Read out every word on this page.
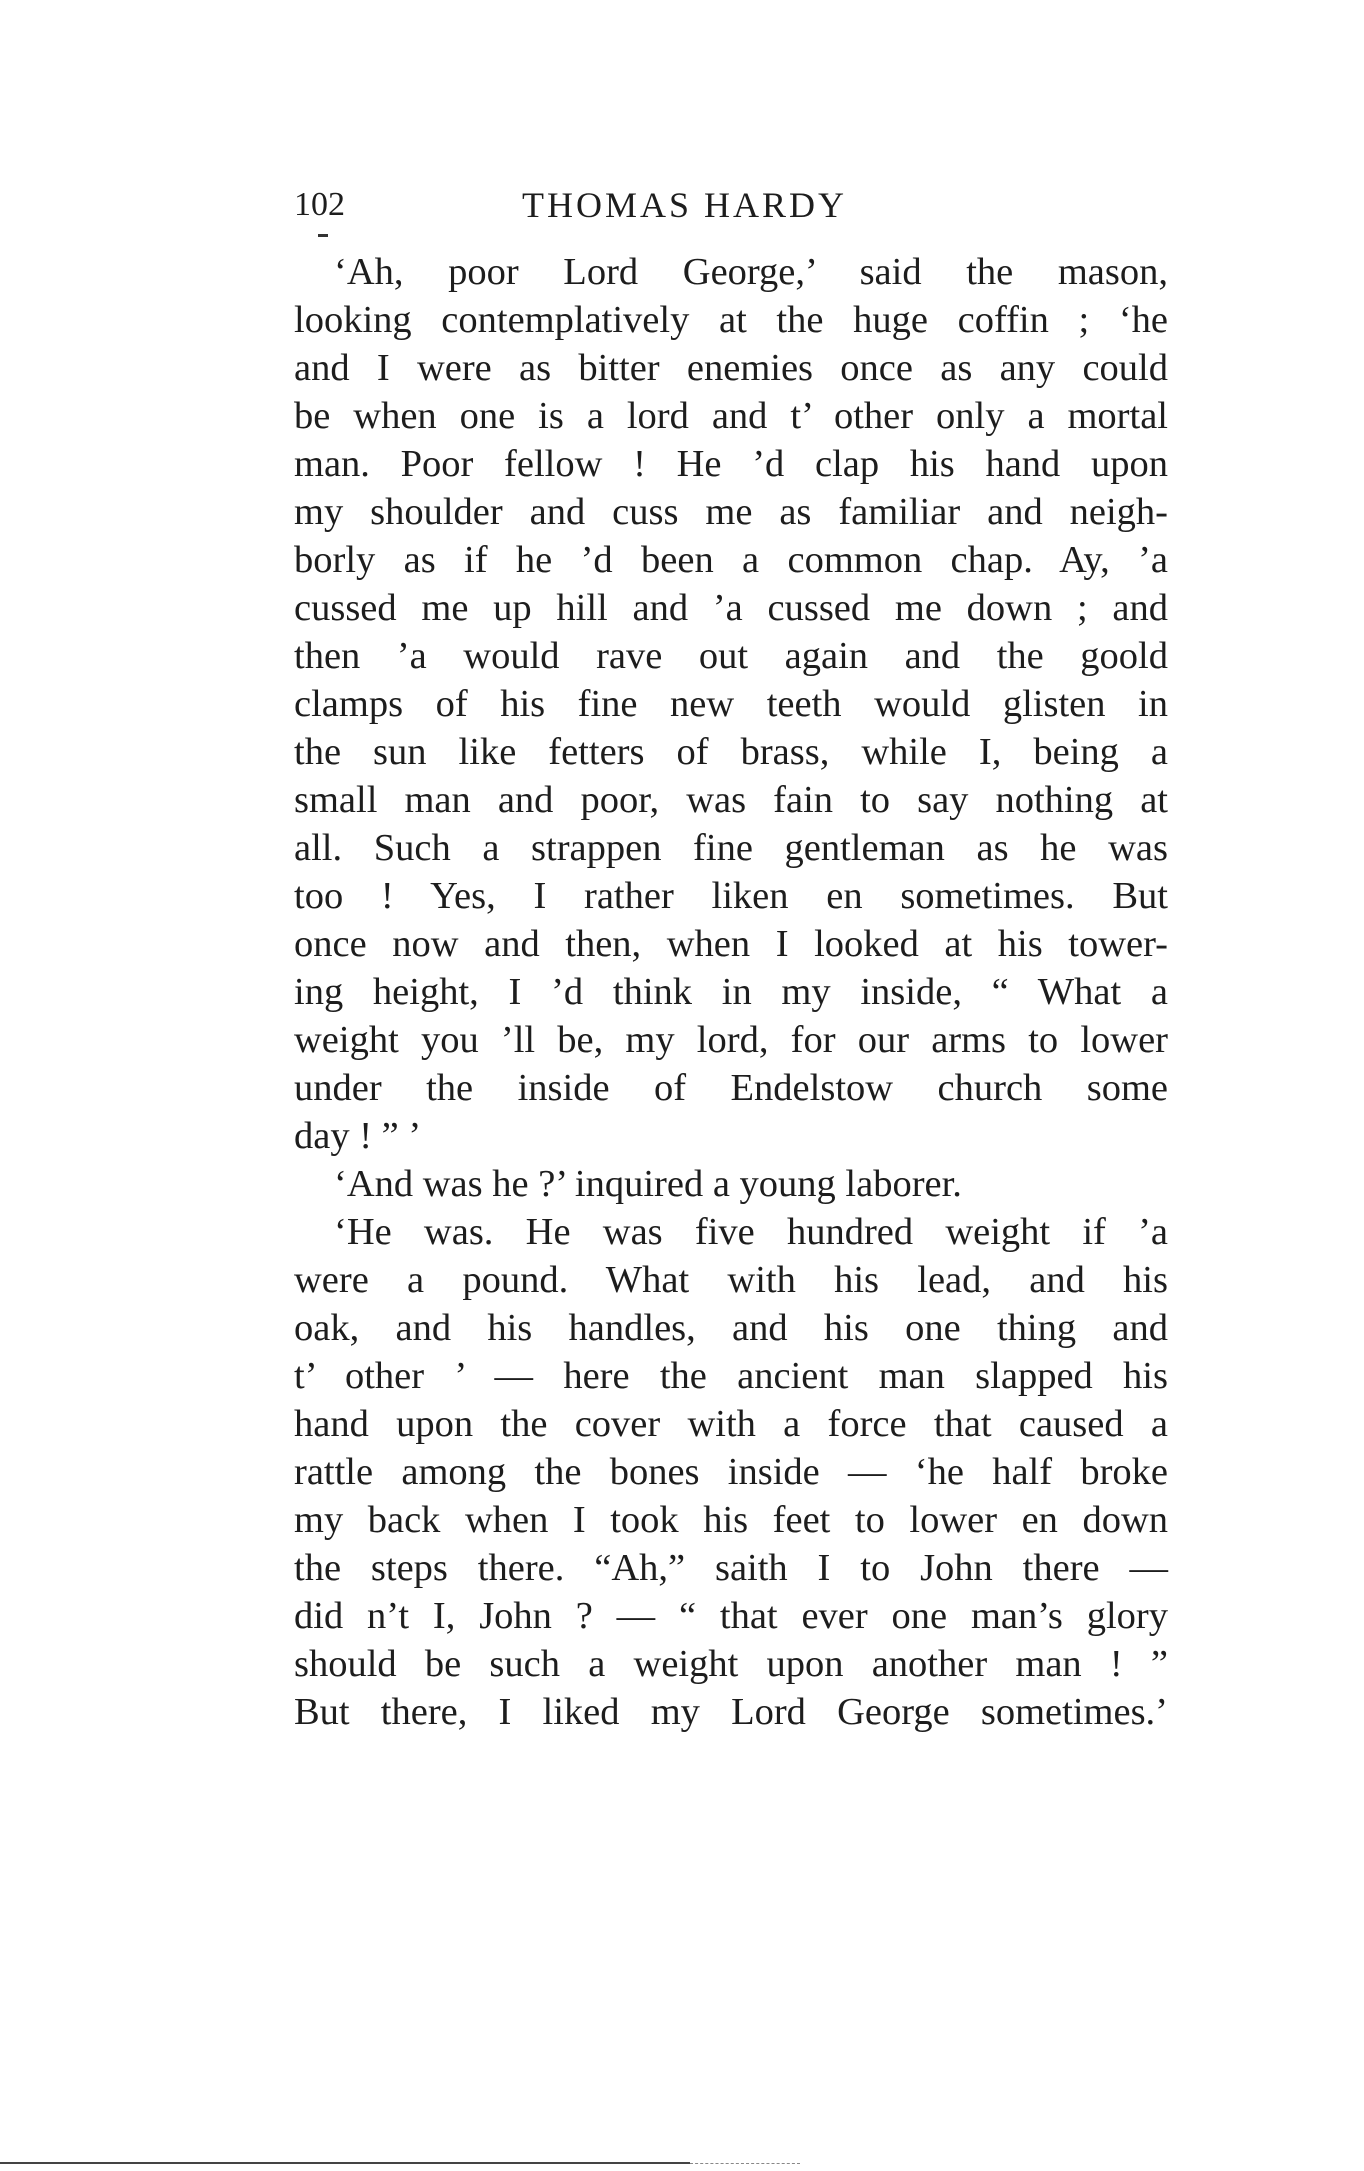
102	THOMAS HARDY
‘Ah, poor Lord George,’ said the mason,
looking contemplatively at the huge coffin ; ‘he
and I were as bitter enemies once as any could
be when one is a lord and t’ other only a mortal
man. Poor fellow ! He ’d clap his hand upon
my shoulder and cuss me as familiar and neigh-
borly as if he ’d been a common chap. Ay, ’a
cussed me up hill and ’a cussed me down ; and
then ’a would rave out again and the goold
clamps of his fine new teeth would glisten in
the sun like fetters of brass, while I, being a
small man and poor, was fain to say nothing at
all. Such a strappen fine gentleman as he was
too ! Yes, I rather liken en sometimes. But
once now and then, when I looked at his tower-
ing height, I ’d think in my inside, “ What a
weight you ’ll be, my lord, for our arms to lower
under the inside of Endelstow church some
day ! ” ’
‘And was he ?’ inquired a young laborer.
‘He was. He was five hundred weight if ’a
were a pound. What with his lead, and his
oak, and his handles, and his one thing and
t’ other ’ — here the ancient man slapped his
hand upon the cover with a force that caused a
rattle among the bones inside — ‘he half broke
my back when I took his feet to lower en down
the steps there. “Ah,” saith I to John there —
did n’t I, John ? — “ that ever one man’s glory
should be such a weight upon another man ! ”
But there, I liked my Lord George sometimes.’
